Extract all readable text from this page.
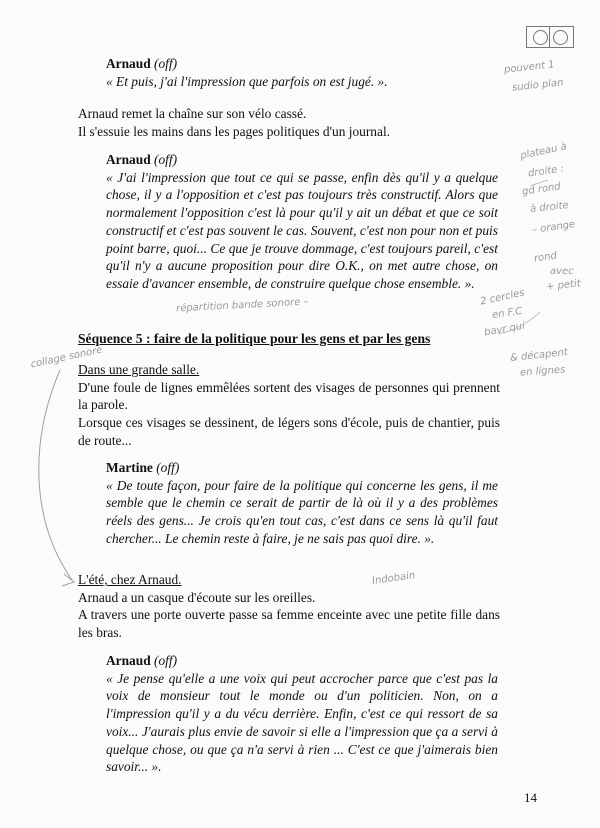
Arnaud (off)
« Et puis, j'ai l'impression que parfois on est jugé. ».
Arnaud remet la chaîne sur son vélo cassé.
Il s'essuie les mains dans les pages politiques d'un journal.
Arnaud (off)
« J'ai l'impression que tout ce qui se passe, enfin dès qu'il y a quelque chose, il y a l'opposition et c'est pas toujours très constructif. Alors que normalement l'opposition c'est là pour qu'il y ait un débat et que ce soit constructif et c'est pas souvent le cas. Souvent, c'est non pour non et puis point barre, quoi... Ce que je trouve dommage, c'est toujours pareil, c'est qu'il n'y a aucune proposition pour dire O.K., on met autre chose, on essaie d'avancer ensemble, de construire quelque chose ensemble. ».
Séquence 5 : faire de la politique pour les gens et par les gens
Dans une grande salle.
D'une foule de lignes emmêlées sortent des visages de personnes qui prennent la parole.
Lorsque ces visages se dessinent, de légers sons d'école, puis de chantier, puis de route...
Martine (off)
« De toute façon, pour faire de la politique qui concerne les gens, il me semble que le chemin ce serait de partir de là où il y a des problèmes réels des gens... Je crois qu'en tout cas, c'est dans ce sens là qu'il faut chercher... Le chemin reste à faire, je ne sais pas quoi dire. ».
L'été, chez Arnaud.
Arnaud a un casque d'écoute sur les oreilles.
A travers une porte ouverte passe sa femme enceinte avec une petite fille dans les bras.
Arnaud (off)
« Je pense qu'elle a une voix qui peut accrocher parce que c'est pas la voix de monsieur tout le monde ou d'un politicien. Non, on a l'impression qu'il y a du vécu derrière. Enfin, c'est ce qui ressort de sa voix... J'aurais plus envie de savoir si elle a l'impression que ça a servi à quelque chose, ou que ça n'a servi à rien ... C'est ce que j'aimerais bien savoir... ».
14
pouvent 1
sudio plan
plateau à
droite :
gd rond
à droite
– orange
rond
avec
+ petit
2 cercles
en F.C
bavr qui
& décapent
en lignes
répartition bande sonore –
collage sonore
Indobain
